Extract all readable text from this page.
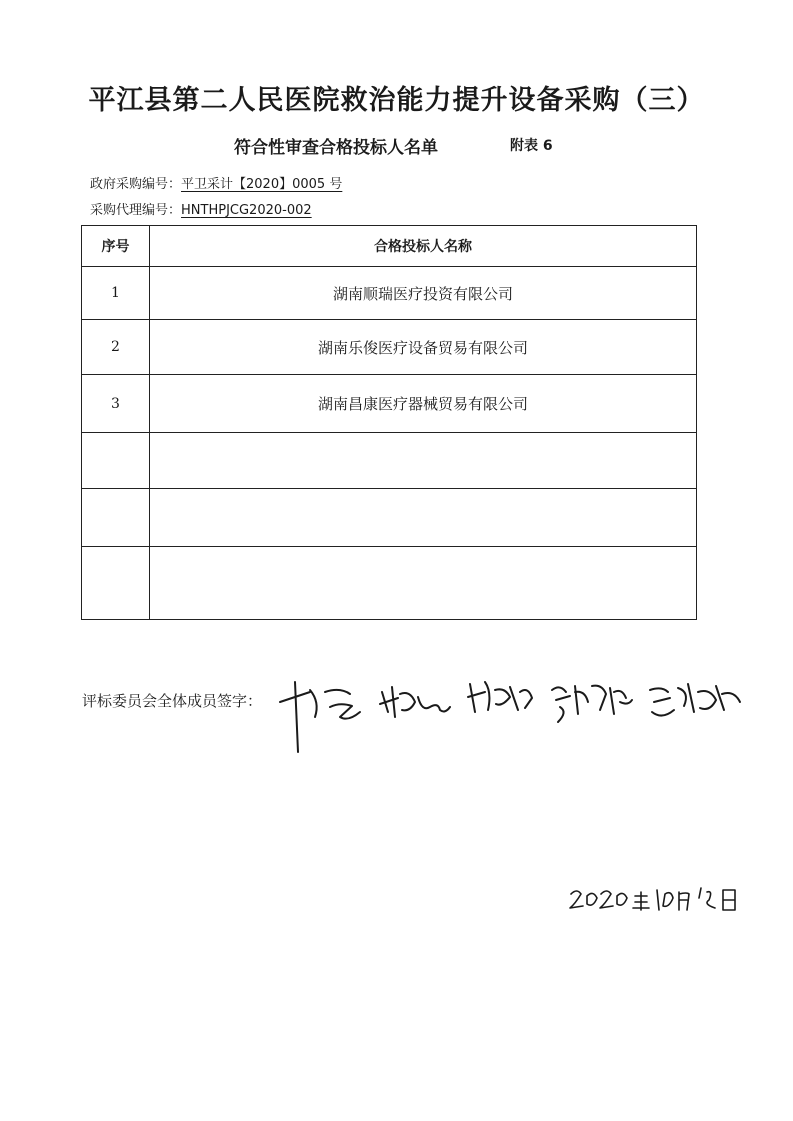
平江县第二人民医院救治能力提升设备采购（三）
符合性审查合格投标人名单	附表 6
政府采购编号：平卫采计【2020】0005 号
采购代理编号：HNTHPJCG2020-002
序号	合格投标人名称
1	湖南顺瑞医疗投资有限公司
2	湖南乐俊医疗设备贸易有限公司
3	湖南昌康医疗器械贸易有限公司

评标委员会全体成员签字：
